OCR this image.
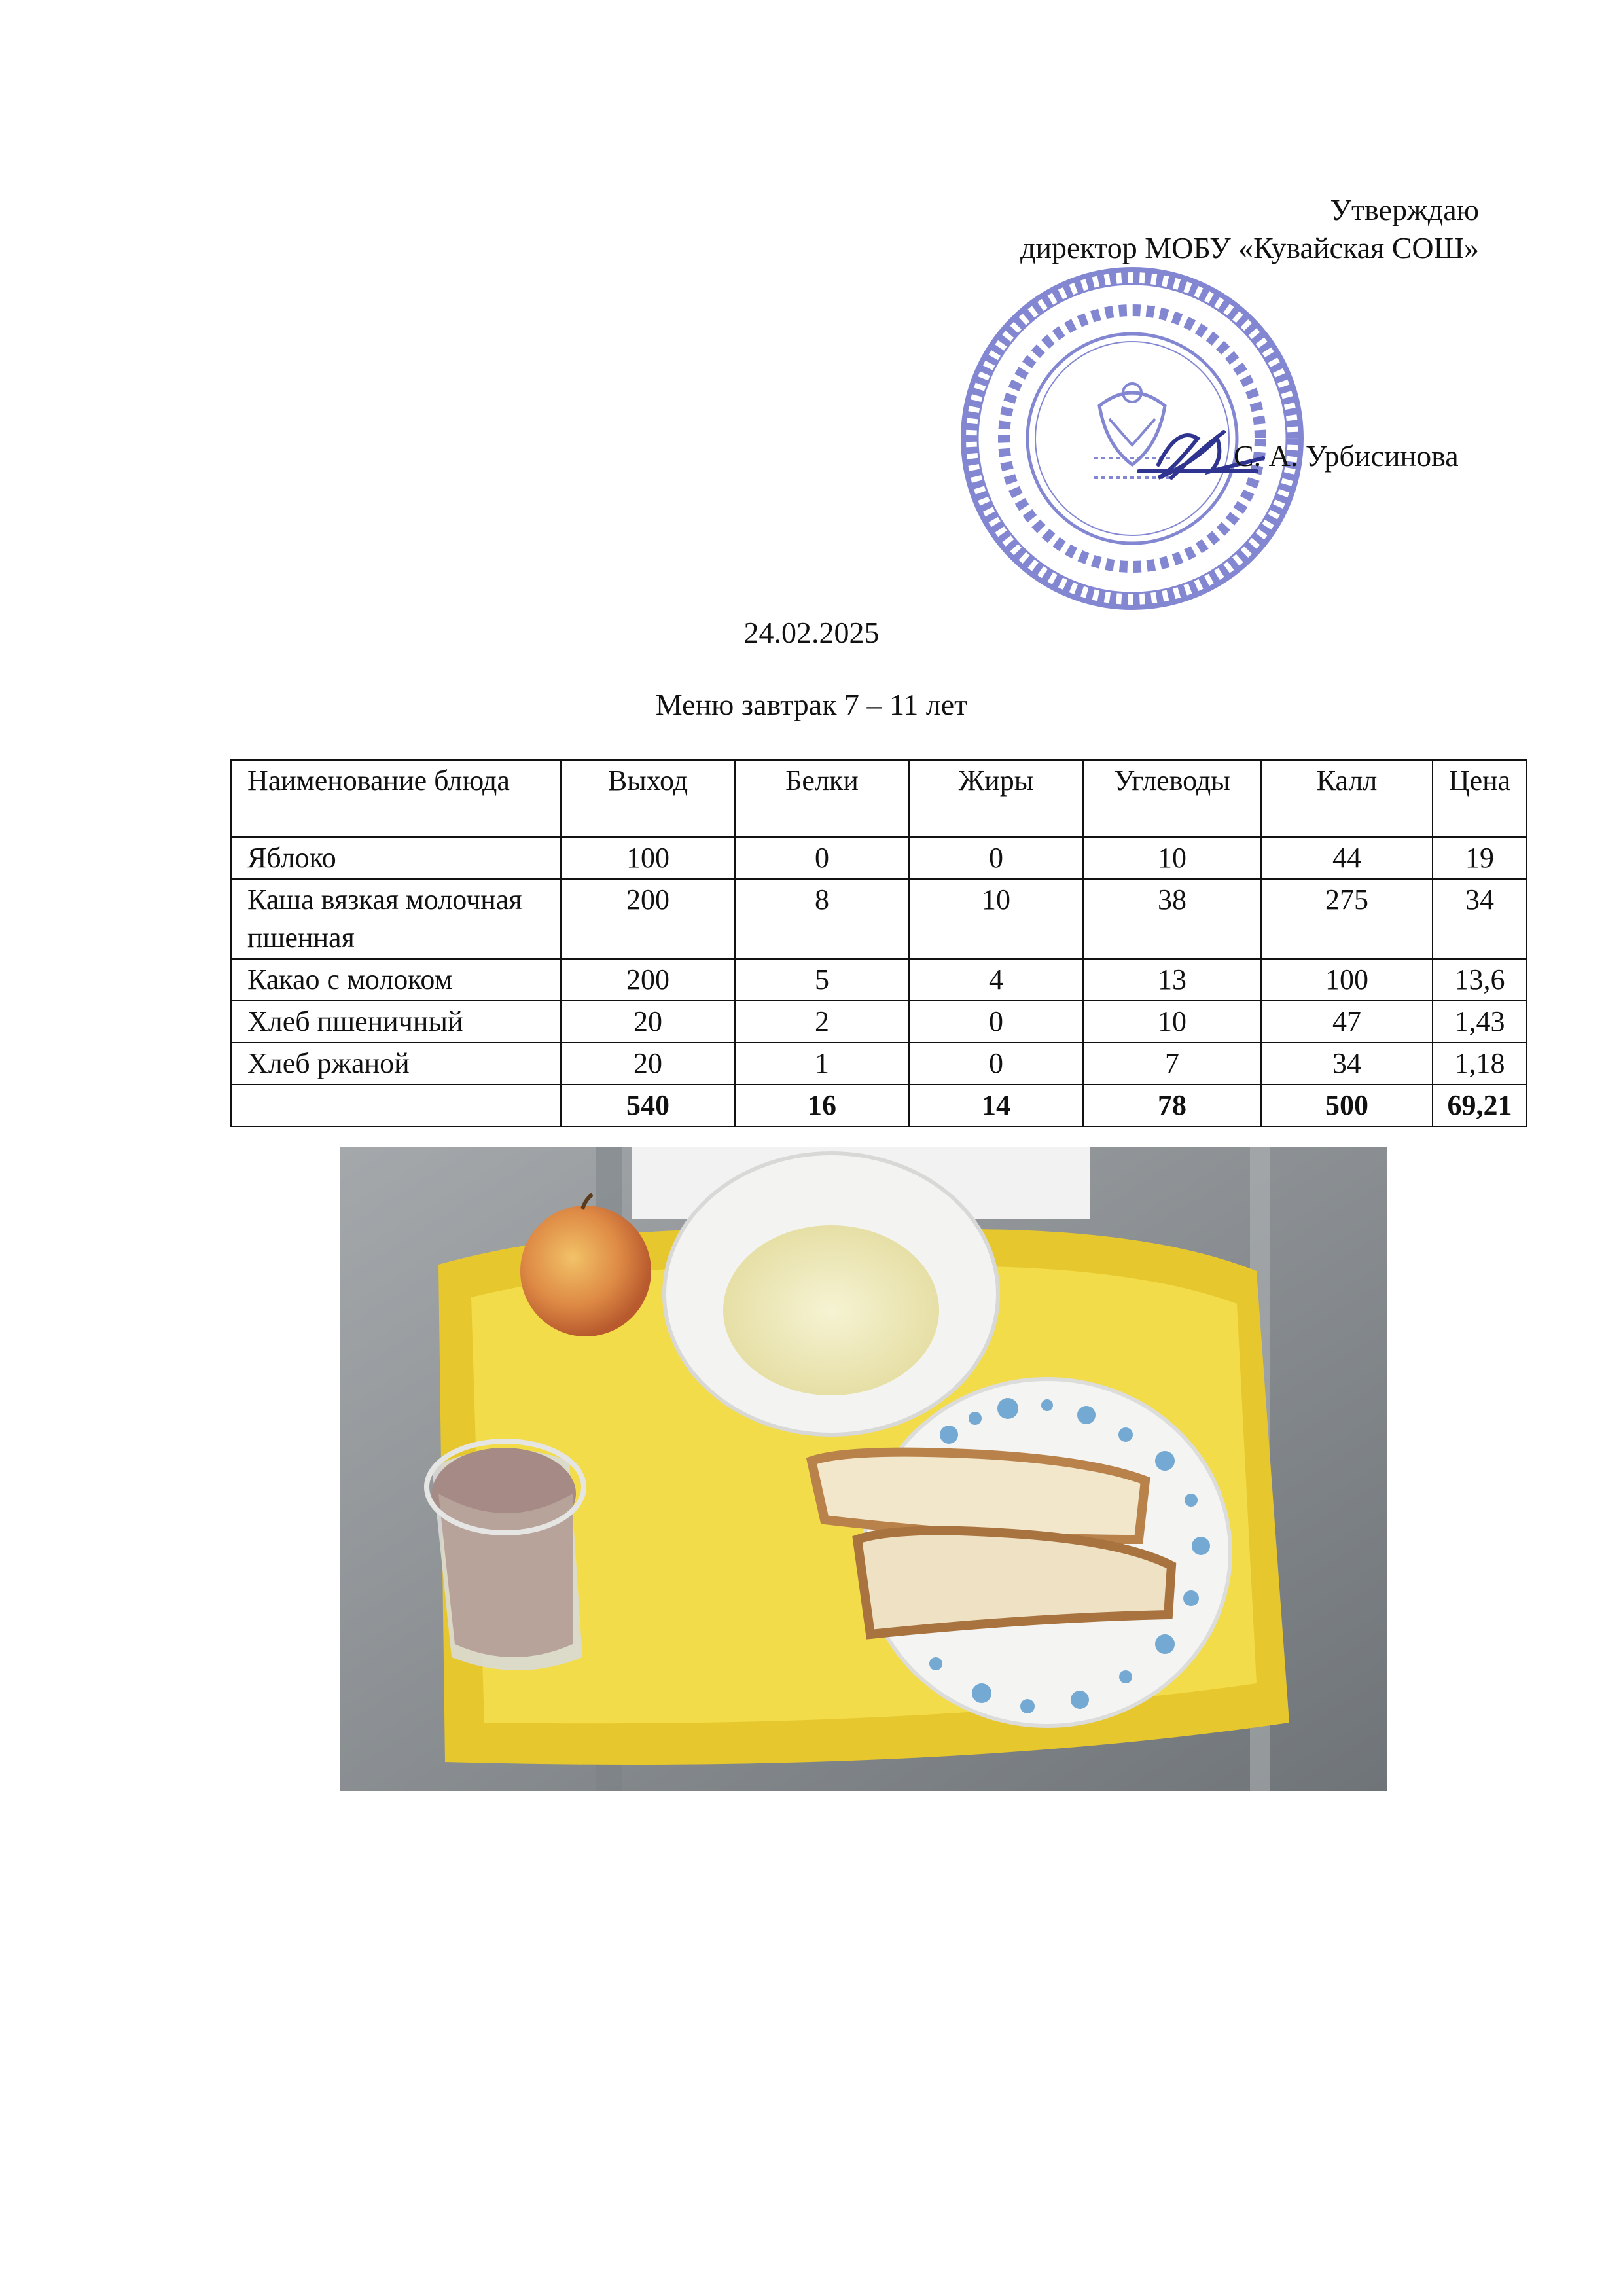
Утверждаю
директор МОБУ «Кувайская СОШ»
С. А. Урбисинова
24.02.2025
Меню завтрак 7 – 11 лет
Наименование блюда	Выход	Белки	Жиры	Углеводы	Калл	Цена
Яблоко	100	0	0	10	44	19
Каша вязкая молочная пшенная	200	8	10	38	275	34
Какао с молоком	200	5	4	13	100	13,6
Хлеб пшеничный	20	2	0	10	47	1,43
Хлеб ржаной	20	1	0	7	34	1,18
	540	16	14	78	500	69,21
